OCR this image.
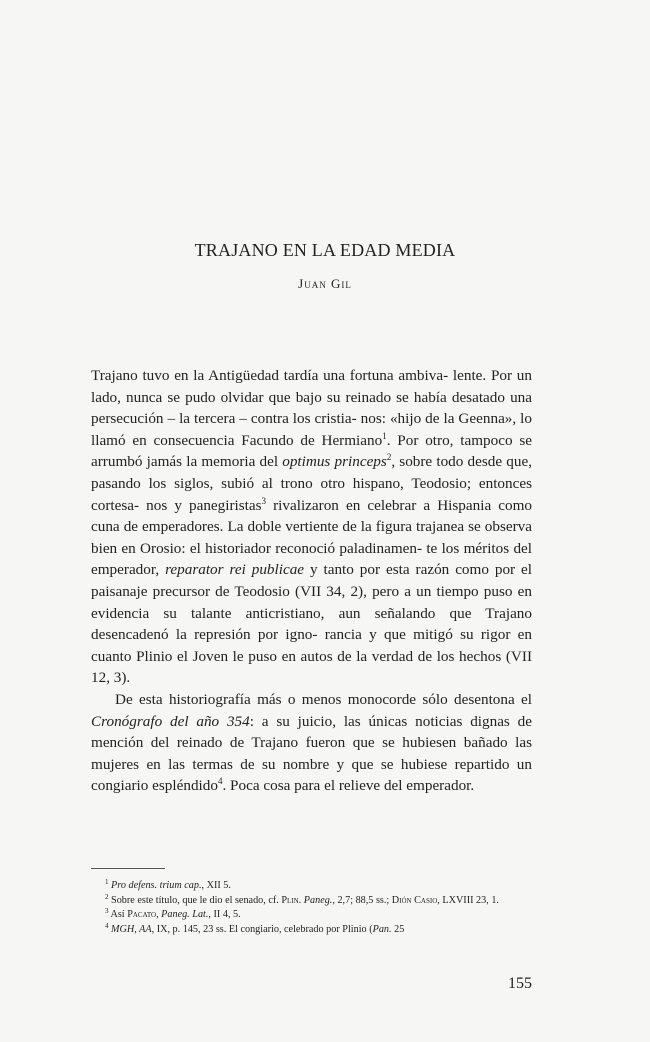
TRAJANO EN LA EDAD MEDIA
Juan Gil

Trajano tuvo en la Antigüedad tardía una fortuna ambiva- lente. Por un lado, nunca se pudo olvidar que bajo su reinado se había desatado una persecución – la tercera – contra los cristia- nos: «hijo de la Geenna», lo llamó en consecuencia Facundo de Hermiano$^1$. Por otro, tampoco se arrumbó jamás la memoria del optimus princeps$^2$, sobre todo desde que, pasando los siglos, subió al trono otro hispano, Teodosio; entonces cortesa- nos y panegiristas$^3$ rivalizaron en celebrar a Hispania como cuna de emperadores. La doble vertiente de la figura trajanea se observa bien en Orosio: el historiador reconoció paladinamen- te los méritos del emperador, reparator rei publicae y tanto por esta razón como por el paisanaje precursor de Teodosio (VII 34, 2), pero a un tiempo puso en evidencia su talante anticristiano, aun señalando que Trajano desencadenó la represión por igno- rancia y que mitigó su rigor en cuanto Plinio el Joven le puso en autos de la verdad de los hechos (VII 12, 3).

De esta historiografía más o menos monocorde sólo desentona el Cronógrafo del año 354: a su juicio, las únicas noticias dignas de mención del reinado de Trajano fueron que se hubiesen bañado las mujeres en las termas de su nombre y que se hubiese repartido un congiario espléndido$^4$. Poca cosa para el relieve del emperador.

$^1$ Pro defens. trium cap., XII 5.

$^2$ Sobre este título, que le dio el senado, cf. Plin. Paneg., 2,7; 88,5 ss.; Dión Casio, LXVIII 23, 1.

$^3$ Así Pacato, Paneg. Lat., II 4, 5.

$^4$ MGH, AA, IX, p. 145, 23 ss. El congiario, celebrado por Plinio (Pan. 25

155
